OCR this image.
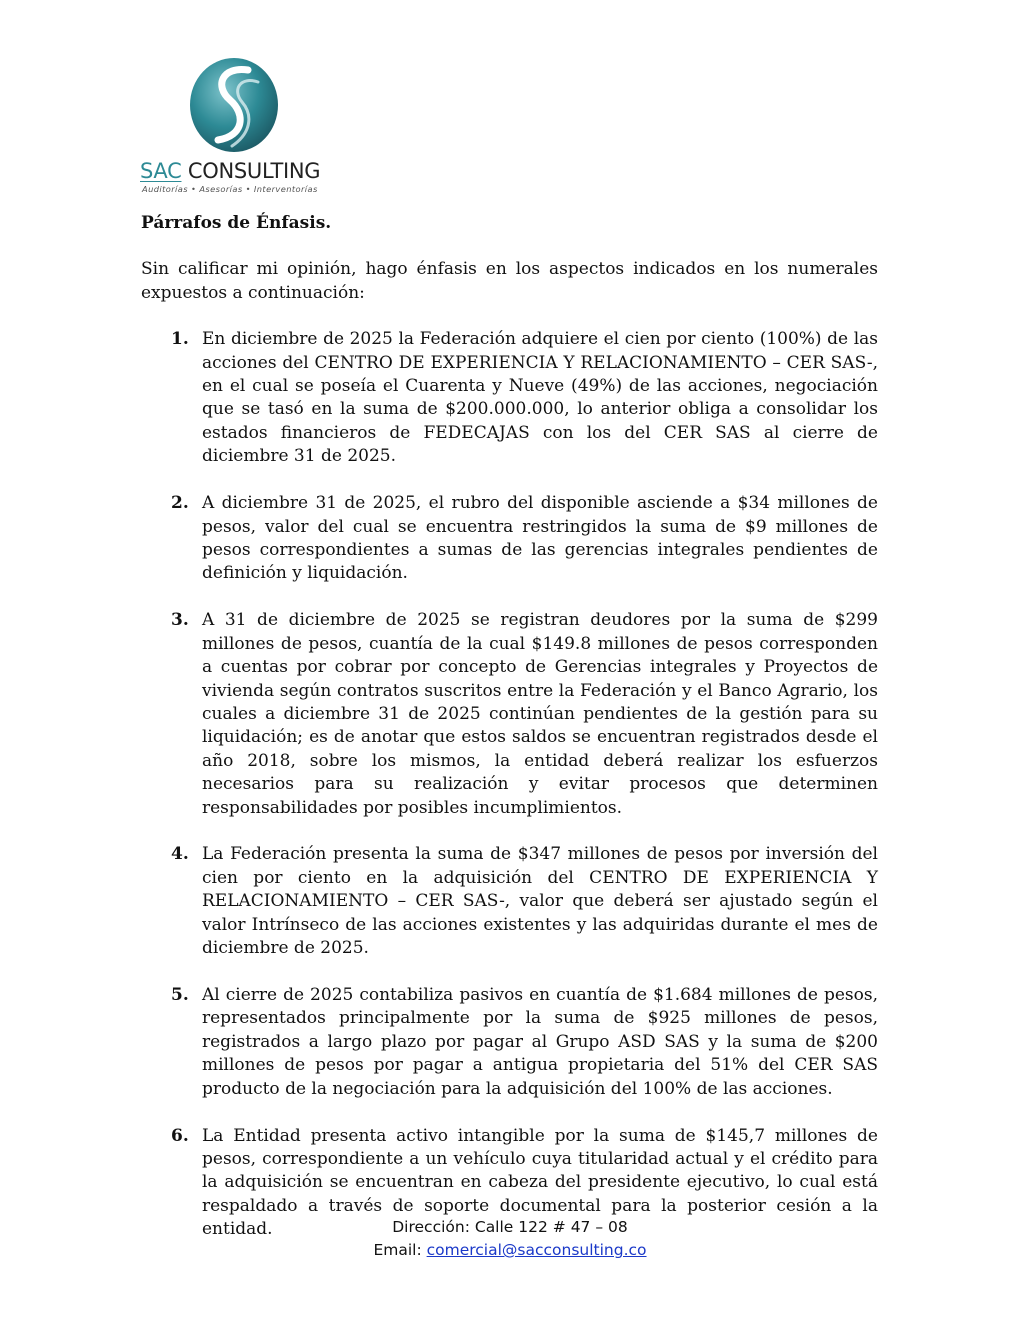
SAC CONSULTING
Auditorías • Asesorías • Interventorías

Párrafos de Énfasis.

Sin calificar mi opinión, hago énfasis en los aspectos indicados en los numerales expuestos a continuación:

1. En diciembre de 2025 la Federación adquiere el cien por ciento (100%) de las acciones del CENTRO DE EXPERIENCIA Y RELACIONAMIENTO – CER SAS-, en el cual se poseía el Cuarenta y Nueve (49%) de las acciones, negociación que se tasó en la suma de $200.000.000, lo anterior obliga a consolidar los estados financieros de FEDECAJAS con los del CER SAS al cierre de diciembre 31 de 2025.
2. A diciembre 31 de 2025, el rubro del disponible asciende a $34 millones de pesos, valor del cual se encuentra restringidos la suma de $9 millones de pesos correspondientes a sumas de las gerencias integrales pendientes de definición y liquidación.
3. A 31 de diciembre de 2025 se registran deudores por la suma de $299 millones de pesos, cuantía de la cual $149.8 millones de pesos corresponden a cuentas por cobrar por concepto de Gerencias integrales y Proyectos de vivienda según contratos suscritos entre la Federación y el Banco Agrario, los cuales a diciembre 31 de 2025 continúan pendientes de la gestión para su liquidación; es de anotar que estos saldos se encuentran registrados desde el año 2018, sobre los mismos, la entidad deberá realizar los esfuerzos necesarios para su realización y evitar procesos que determinen responsabilidades por posibles incumplimientos.
4. La Federación presenta la suma de $347 millones de pesos por inversión del cien por ciento en la adquisición del CENTRO DE EXPERIENCIA Y RELACIONAMIENTO – CER SAS-, valor que deberá ser ajustado según el valor Intrínseco de las acciones existentes y las adquiridas durante el mes de diciembre de 2025.
5. Al cierre de 2025 contabiliza pasivos en cuantía de $1.684 millones de pesos, representados principalmente por la suma de $925 millones de pesos, registrados a largo plazo por pagar al Grupo ASD SAS y la suma de $200 millones de pesos por pagar a antigua propietaria del 51% del CER SAS producto de la negociación para la adquisición del 100% de las acciones.
6. La Entidad presenta activo intangible por la suma de $145,7 millones de pesos, correspondiente a un vehículo cuya titularidad actual y el crédito para la adquisición se encuentran en cabeza del presidente ejecutivo, lo cual está respaldado a través de soporte documental para la posterior cesión a la entidad.	Dirección: Calle 122 # 47 – 08
Email: comercial@sacconsulting.co
